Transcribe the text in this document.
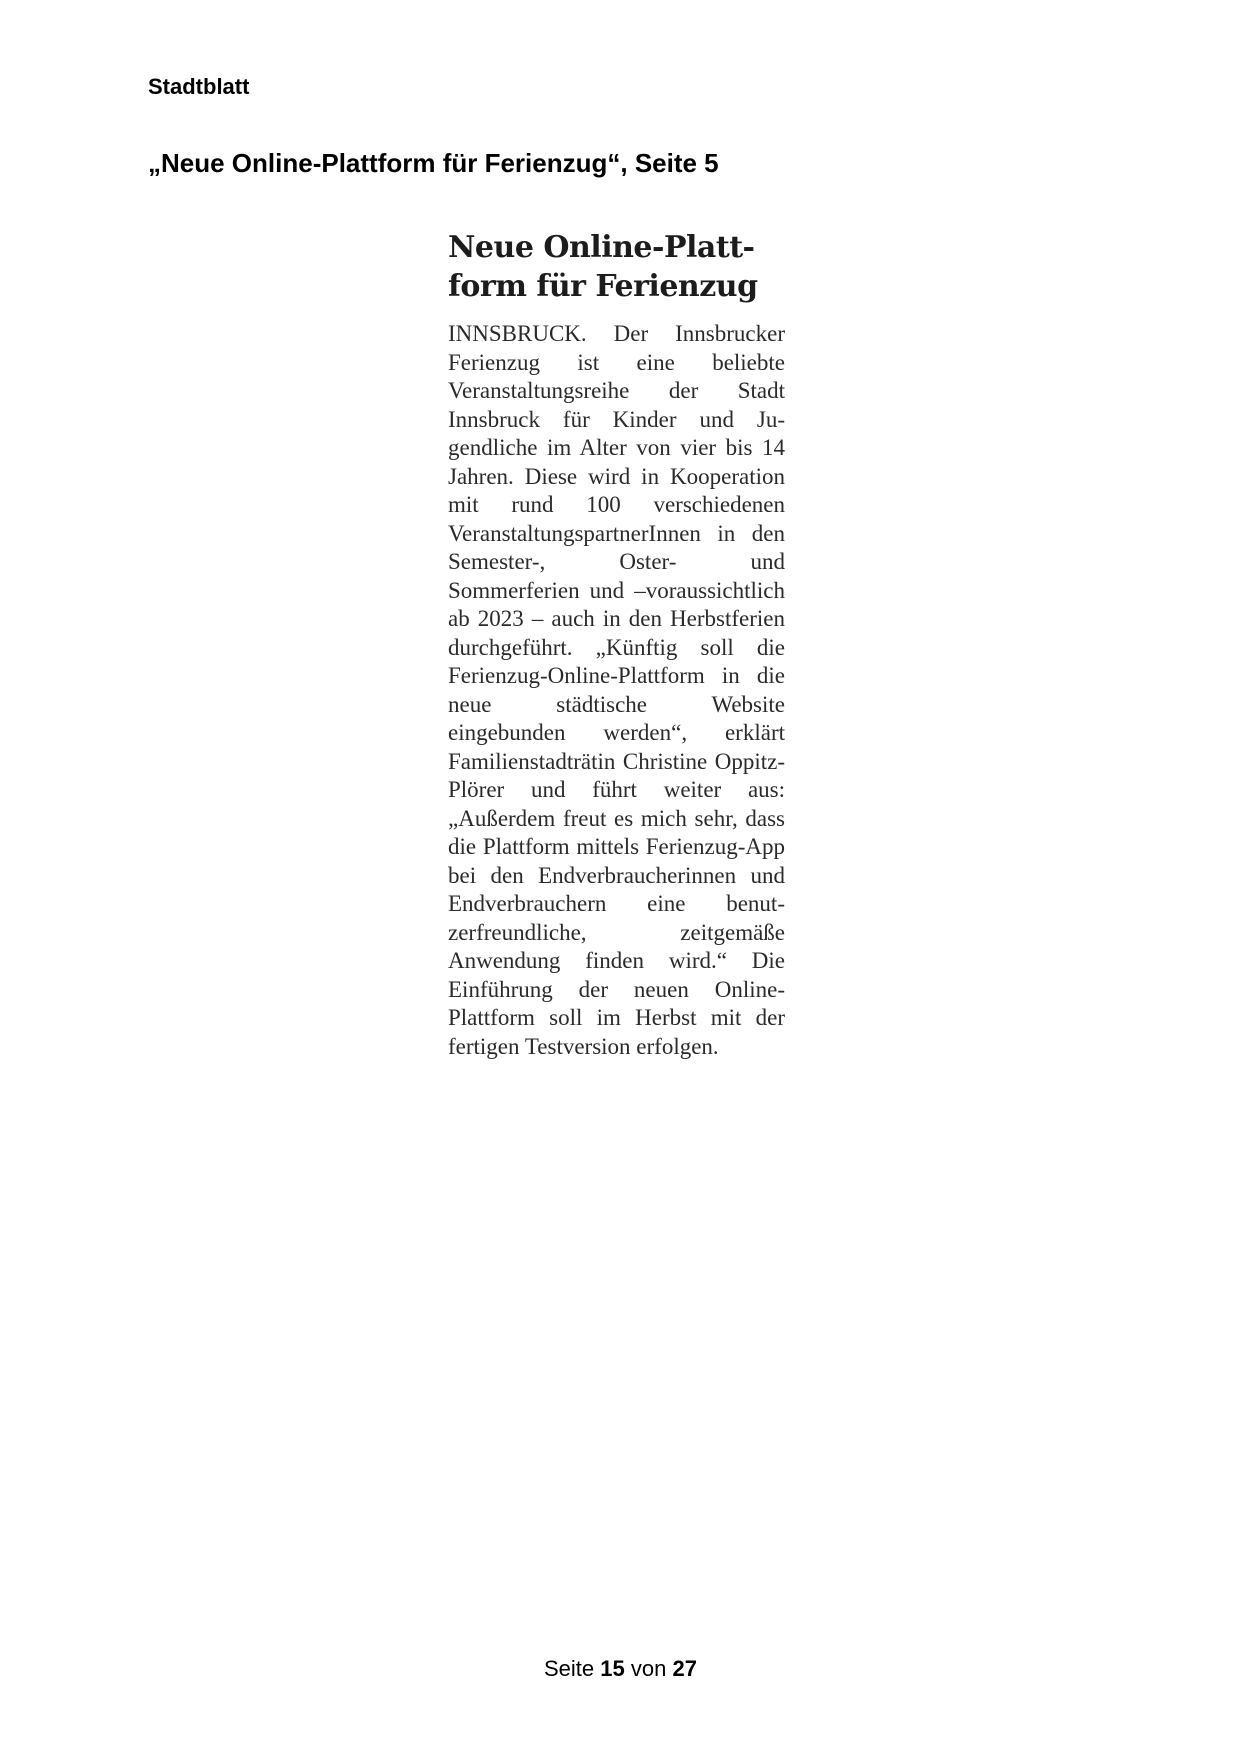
Stadtblatt
„Neue Online-Plattform für Ferienzug“, Seite 5
Neue Online-Platt-form für Ferienzug
INNSBRUCK. Der Innsbrucker Ferienzug ist eine beliebte Veranstaltungsreihe der Stadt Innsbruck für Kinder und Jugendliche im Alter von vier bis 14 Jahren. Diese wird in Kooperation mit rund 100 verschiedenen VeranstaltungspartnerInnen in den Semester-, Oster- und Sommerferien und –voraussichtlich ab 2023 – auch in den Herbstferien durchgeführt. „Künftig soll die Ferienzug-Online-Plattform in die neue städtische Website eingebunden werden“, erklärt Familienstadträtin Christine Oppitz-Plörer und führt weiter aus: „Außerdem freut es mich sehr, dass die Plattform mittels Ferienzug-App bei den Endverbraucherinnen und Endverbrauchern eine benutzerfreundliche, zeitgemäße Anwendung finden wird.“ Die Einführung der neuen Online-Plattform soll im Herbst mit der fertigen Testversion erfolgen.
Seite 15 von 27
